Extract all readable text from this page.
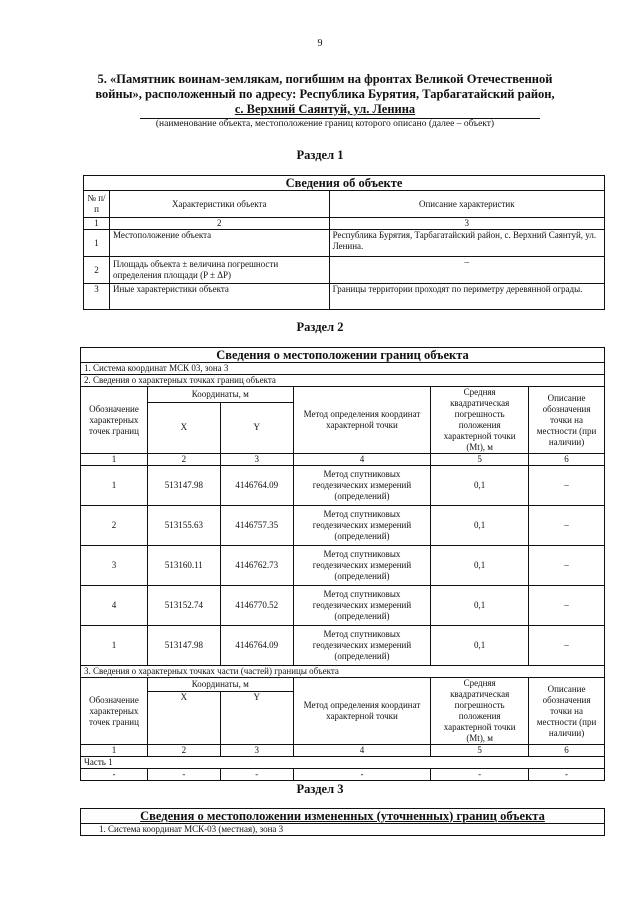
9
5. «Памятник воинам-землякам, погибшим на фронтах Великой Отечественной
войны», расположенный по адресу: Республика Бурятия, Тарбагатайский район,
с. Верхний Саянтуй, ул. Ленина
(наименование объекта, местоположение границ которого описано (далее – объект)
Раздел 1
Сведения об объекте		
№ п/п	Характеристики объекта	Описание характеристик
1	2	3
1	Местоположение объекта	Республика Бурятия, Тарбагатайский район, с. Верхний Саянтуй, ул. Ленина.
2	Площадь объекта ± величина погрешности определения площади (P ± ΔP)	–
3	Иные характеристики объекта	Границы территории проходят по периметру деревянной ограды.
Раздел 2
Сведения о местоположении границ объекта					
1. Система координат МСК 03, зона 3					
2. Сведения о характерных точках границ объекта					
Обозначение характерных точек границ	Координаты, м		Метод определения координат характерной точки	Средняя квадратическая погрешность положения характерной точки (Mt), м	Описание обозначения точки на местности (при наличии)
	X	Y			
1	2	3	4	5	6
1	513147.98	4146764.09	Метод спутниковых геодезических измерений (определений)	0,1	–
2	513155.63	4146757.35	Метод спутниковых геодезических измерений (определений)	0,1	–
3	513160.11	4146762.73	Метод спутниковых геодезических измерений (определений)	0,1	–
4	513152.74	4146770.52	Метод спутниковых геодезических измерений (определений)	0,1	–
1	513147.98	4146764.09	Метод спутниковых геодезических измерений (определений)	0,1	–
3. Сведения о характерных точках части (частей) границы объекта					
Обозначение характерных точек границ	Координаты, м		Метод определения координат характерной точки	Средняя квадратическая погрешность положения характерной точки (Mt), м	Описание обозначения точки на местности (при наличии)
	X	Y			
1	2	3	4	5	6
Часть 1					
-	-	-	-	-	-
Раздел 3
Сведения о местоположении измененных (уточненных) границ объекта
1. Система координат МСК-03 (местная), зона 3
